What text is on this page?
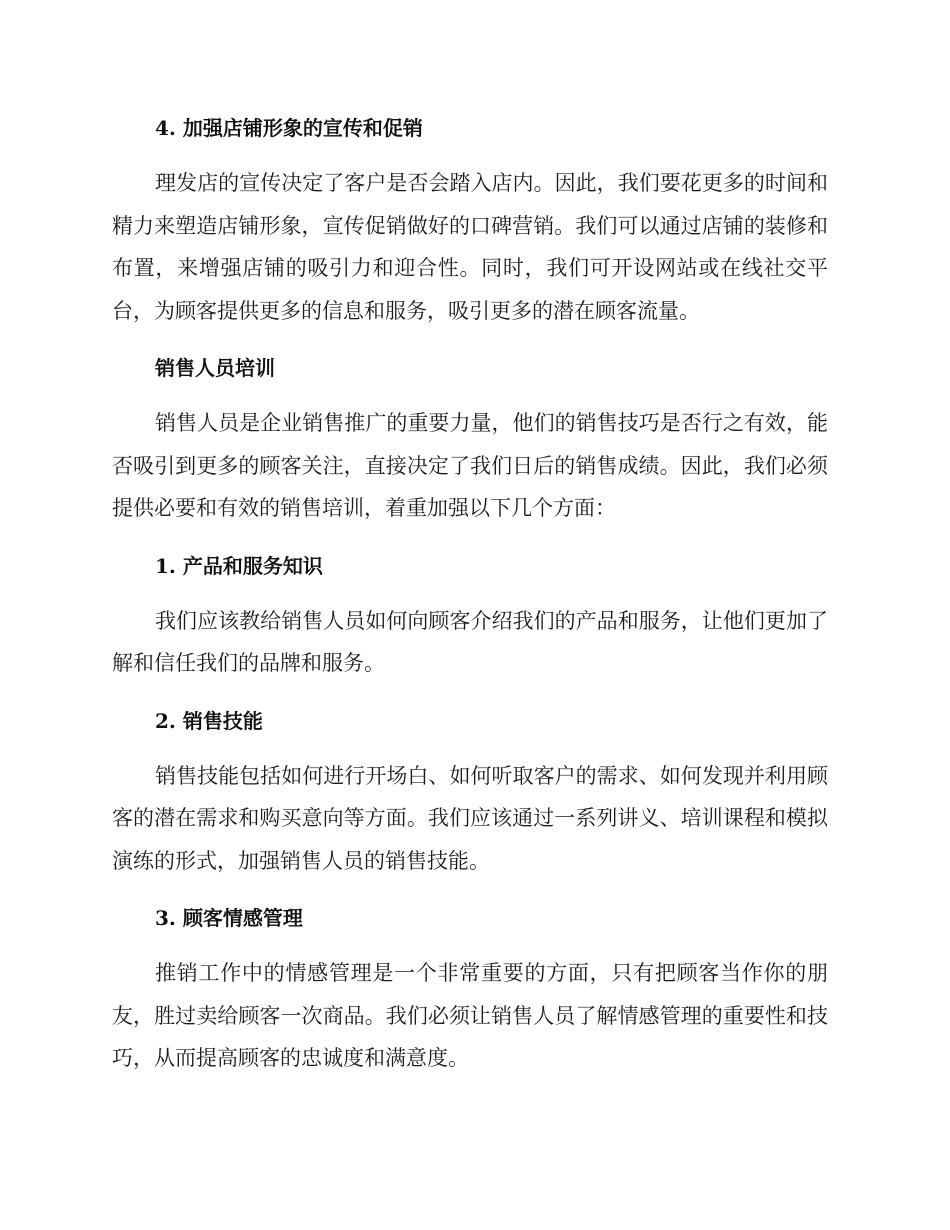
4. 加强店铺形象的宣传和促销

理发店的宣传决定了客户是否会踏入店内。因此，我们要花更多的时间和精力来塑造店铺形象，宣传促销做好的口碑营销。我们可以通过店铺的装修和布置，来增强店铺的吸引力和迎合性。同时，我们可开设网站或在线社交平台，为顾客提供更多的信息和服务，吸引更多的潜在顾客流量。

销售人员培训

销售人员是企业销售推广的重要力量，他们的销售技巧是否行之有效，能否吸引到更多的顾客关注，直接决定了我们日后的销售成绩。因此，我们必须提供必要和有效的销售培训，着重加强以下几个方面：

1. 产品和服务知识

我们应该教给销售人员如何向顾客介绍我们的产品和服务，让他们更加了解和信任我们的品牌和服务。

2. 销售技能

销售技能包括如何进行开场白、如何听取客户的需求、如何发现并利用顾客的潜在需求和购买意向等方面。我们应该通过一系列讲义、培训课程和模拟演练的形式，加强销售人员的销售技能。

3. 顾客情感管理

推销工作中的情感管理是一个非常重要的方面，只有把顾客当作你的朋友，胜过卖给顾客一次商品。我们必须让销售人员了解情感管理的重要性和技巧，从而提高顾客的忠诚度和满意度。
